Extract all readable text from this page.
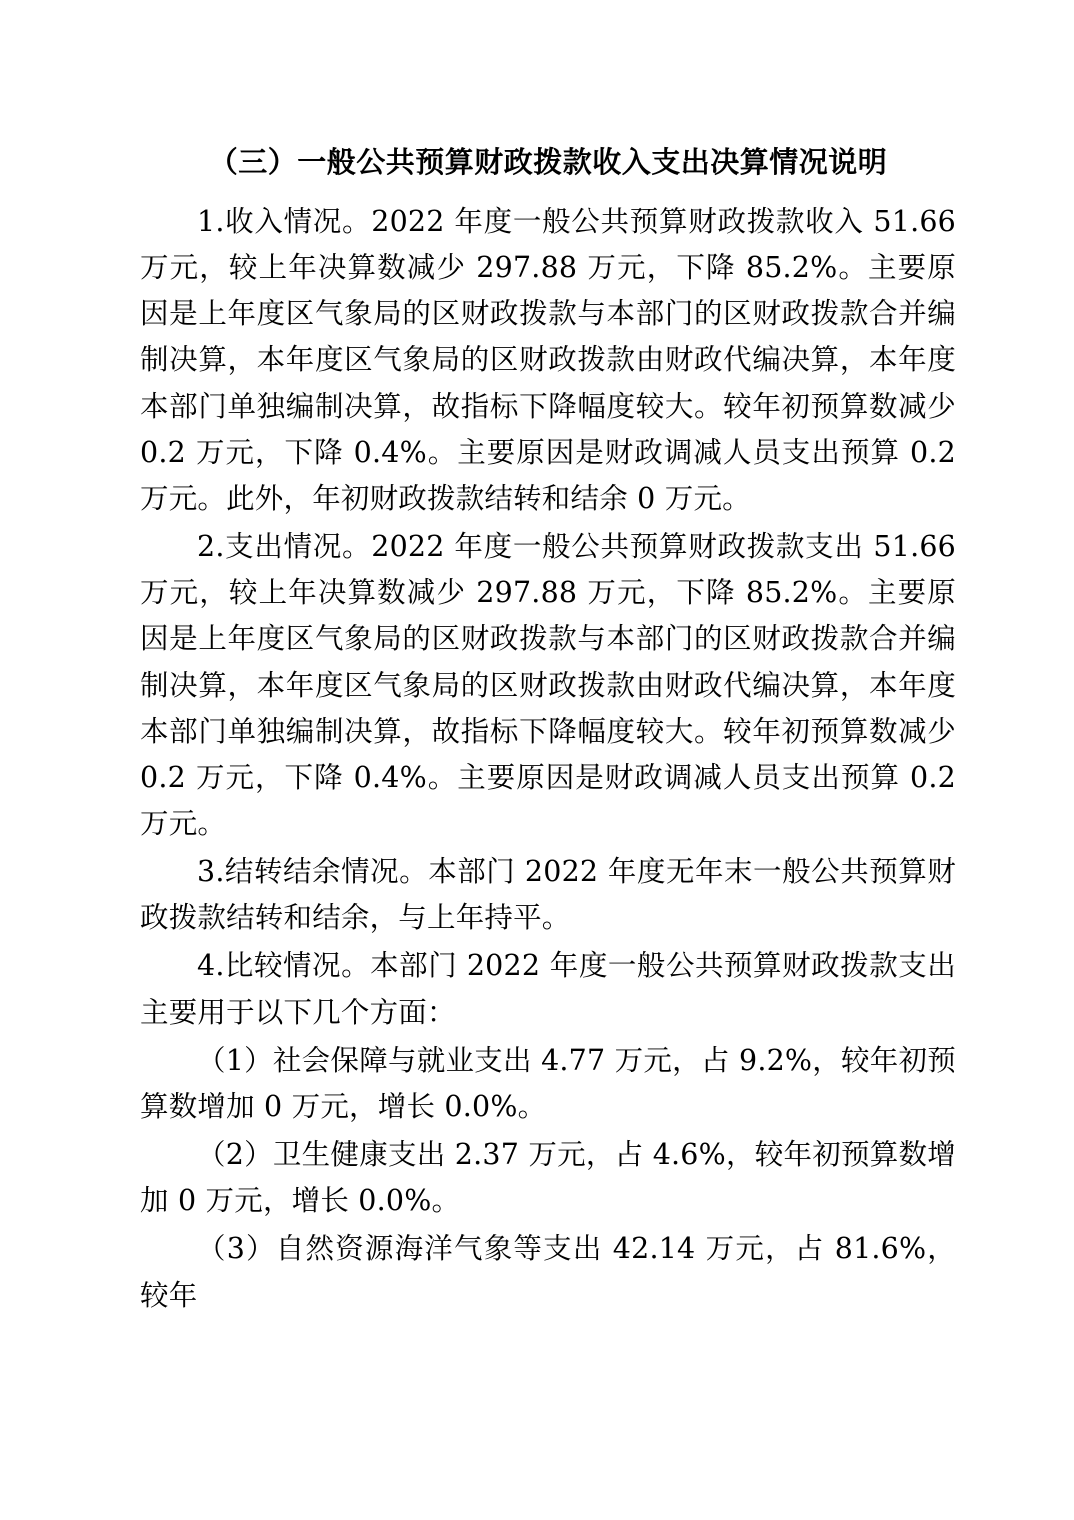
（三）一般公共预算财政拨款收入支出决算情况说明

1.收入情况。2022 年度一般公共预算财政拨款收入 51.66 万元，较上年决算数减少 297.88 万元，下降 85.2%。主要原因是上年度区气象局的区财政拨款与本部门的区财政拨款合并编制决算，本年度区气象局的区财政拨款由财政代编决算，本年度本部门单独编制决算，故指标下降幅度较大。较年初预算数减少 0.2 万元，下降 0.4%。主要原因是财政调减人员支出预算 0.2 万元。此外，年初财政拨款结转和结余 0 万元。

2.支出情况。2022 年度一般公共预算财政拨款支出 51.66 万元，较上年决算数减少 297.88 万元，下降 85.2%。主要原因是上年度区气象局的区财政拨款与本部门的区财政拨款合并编制决算，本年度区气象局的区财政拨款由财政代编决算，本年度本部门单独编制决算，故指标下降幅度较大。较年初预算数减少 0.2 万元，下降 0.4%。主要原因是财政调减人员支出预算 0.2 万元。

3.结转结余情况。本部门 2022 年度无年末一般公共预算财政拨款结转和结余，与上年持平。

4.比较情况。本部门 2022 年度一般公共预算财政拨款支出主要用于以下几个方面：

（1）社会保障与就业支出 4.77 万元，占 9.2%，较年初预算数增加 0 万元，增长 0.0%。

（2）卫生健康支出 2.37 万元，占 4.6%，较年初预算数增加 0 万元，增长 0.0%。

（3）自然资源海洋气象等支出 42.14 万元，占 81.6%，较年
